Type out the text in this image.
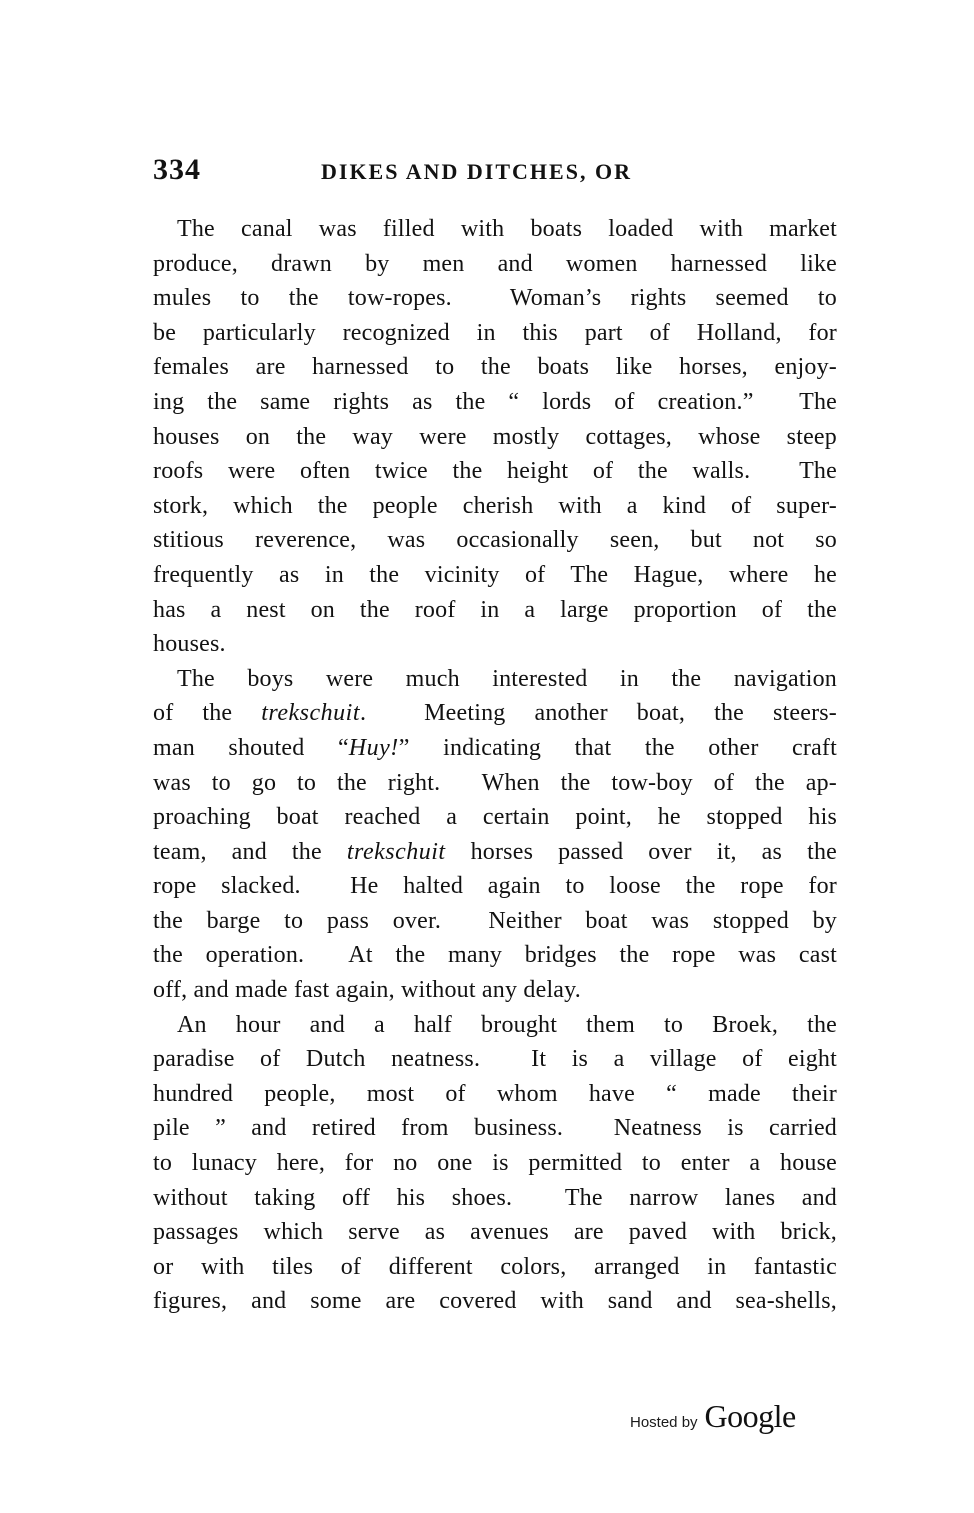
334	DIKES AND DITCHES, OR
The canal was filled with boats loaded with market
produce, drawn by men and women harnessed like
mules to the tow-ropes.  Woman’s rights seemed to
be particularly recognized in this part of Holland, for
females are harnessed to the boats like horses, enjoy-
ing the same rights as the “ lords of creation.”  The
houses on the way were mostly cottages, whose steep
roofs were often twice the height of the walls.  The
stork, which the people cherish with a kind of super-
stitious reverence, was occasionally seen, but not so
frequently as in the vicinity of The Hague, where he
has a nest on the roof in a large proportion of the
houses.
The boys were much interested in the navigation
of the trekschuit.  Meeting another boat, the steers-
man shouted “Huy!” indicating that the other craft
was to go to the right.  When the tow-boy of the ap-
proaching boat reached a certain point, he stopped his
team, and the trekschuit horses passed over it, as the
rope slacked.  He halted again to loose the rope for
the barge to pass over.  Neither boat was stopped by
the operation.  At the many bridges the rope was cast
off, and made fast again, without any delay.
An hour and a half brought them to Broek, the
paradise of Dutch neatness.  It is a village of eight
hundred people, most of whom have “ made their
pile ” and retired from business.  Neatness is carried
to lunacy here, for no one is permitted to enter a house
without taking off his shoes.  The narrow lanes and
passages which serve as avenues are paved with brick,
or with tiles of different colors, arranged in fantastic
figures, and some are covered with sand and sea-shells,
Hosted by Google
